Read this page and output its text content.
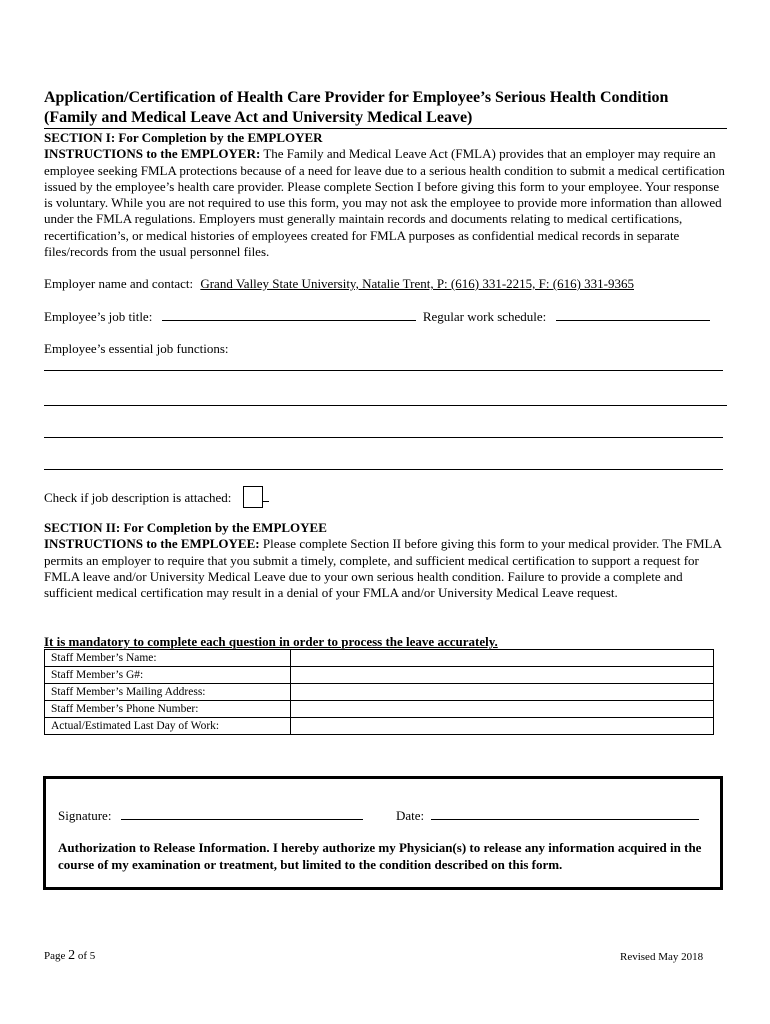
Application/Certification of Health Care Provider for Employee’s Serious Health Condition
(Family and Medical Leave Act and University Medical Leave)
SECTION I: For Completion by the EMPLOYER
INSTRUCTIONS to the EMPLOYER: The Family and Medical Leave Act (FMLA) provides that an employer may require an employee seeking FMLA protections because of a need for leave due to a serious health condition to submit a medical certification issued by the employee’s health care provider. Please complete Section I before giving this form to your employee. Your response is voluntary. While you are not required to use this form, you may not ask the employee to provide more information than allowed under the FMLA regulations. Employers must generally maintain records and documents relating to medical certifications, recertification’s, or medical histories of employees created for FMLA purposes as confidential medical records in separate files/records from the usual personnel files.
Employer name and contact: Grand Valley State University, Natalie Trent, P: (616) 331-2215, F: (616) 331-9365
Employee’s job title:	Regular work schedule:
Employee’s essential job functions:
Check if job description is attached:
SECTION II: For Completion by the EMPLOYEE
INSTRUCTIONS to the EMPLOYEE: Please complete Section II before giving this form to your medical provider. The FMLA permits an employer to require that you submit a timely, complete, and sufficient medical certification to support a request for FMLA leave and/or University Medical Leave due to your own serious health condition. Failure to provide a complete and sufficient medical certification may result in a denial of your FMLA and/or University Medical Leave request.
It is mandatory to complete each question in order to process the leave accurately.
Staff Member’s Name:	
Staff Member’s G#:	
Staff Member’s Mailing Address:	
Staff Member’s Phone Number:	
Actual/Estimated Last Day of Work:	
Signature:	Date:
Authorization to Release Information. I hereby authorize my Physician(s) to release any information acquired in the course of my examination or treatment, but limited to the condition described on this form.
Page 2 of 5	Revised May 2018
